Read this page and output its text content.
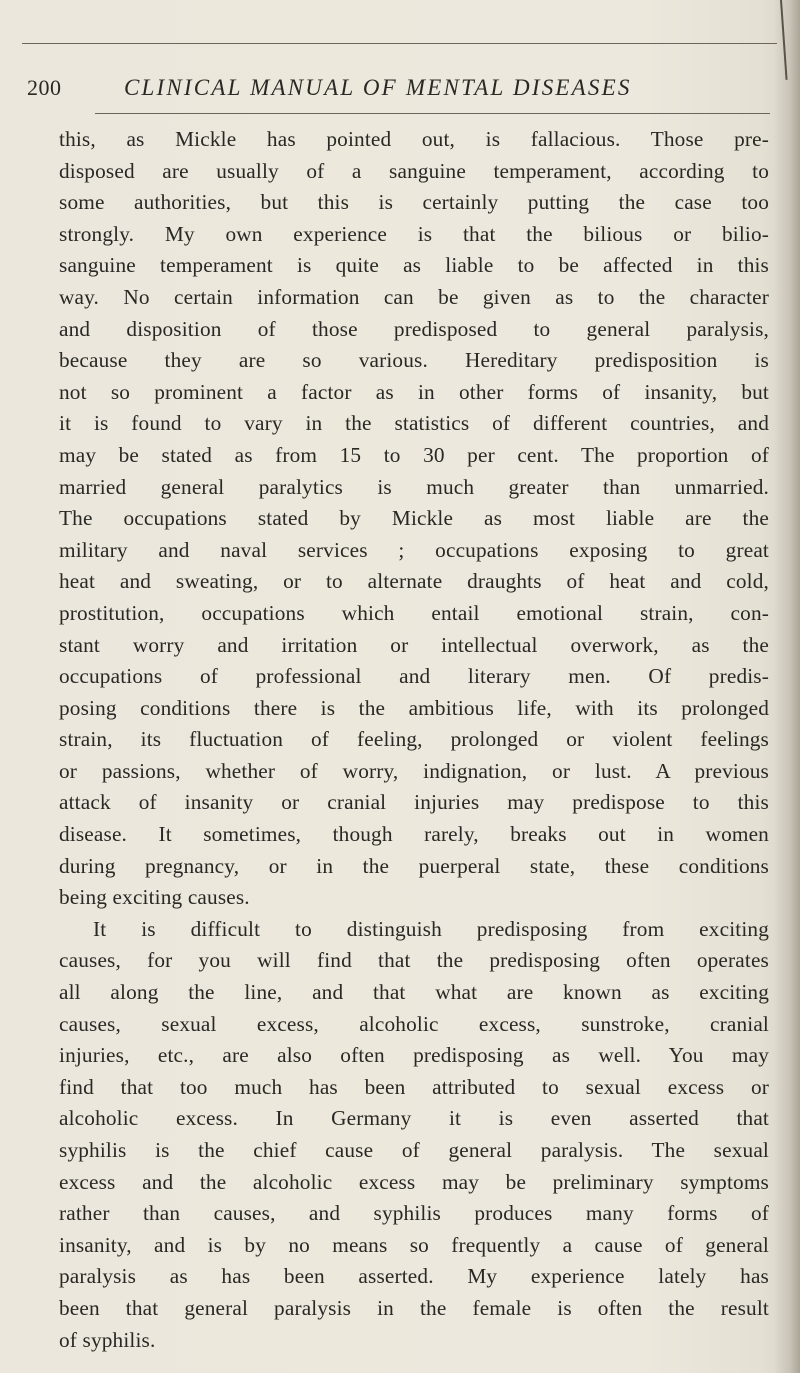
200	CLINICAL MANUAL OF MENTAL DISEASES
this, as Mickle has pointed out, is fallacious. Those pre-
disposed are usually of a sanguine temperament, according to
some authorities, but this is certainly putting the case too
strongly. My own experience is that the bilious or bilio-
sanguine temperament is quite as liable to be affected in this
way. No certain information can be given as to the character
and disposition of those predisposed to general paralysis,
because they are so various. Hereditary predisposition is
not so prominent a factor as in other forms of insanity, but
it is found to vary in the statistics of different countries, and
may be stated as from 15 to 30 per cent. The proportion of
married general paralytics is much greater than unmarried.
The occupations stated by Mickle as most liable are the
military and naval services ; occupations exposing to great
heat and sweating, or to alternate draughts of heat and cold,
prostitution, occupations which entail emotional strain, con-
stant worry and irritation or intellectual overwork, as the
occupations of professional and literary men. Of predis-
posing conditions there is the ambitious life, with its prolonged
strain, its fluctuation of feeling, prolonged or violent feelings
or passions, whether of worry, indignation, or lust. A previous
attack of insanity or cranial injuries may predispose to this
disease. It sometimes, though rarely, breaks out in women
during pregnancy, or in the puerperal state, these conditions
being exciting causes.
It is difficult to distinguish predisposing from exciting
causes, for you will find that the predisposing often operates
all along the line, and that what are known as exciting
causes, sexual excess, alcoholic excess, sunstroke, cranial
injuries, etc., are also often predisposing as well. You may
find that too much has been attributed to sexual excess or
alcoholic excess. In Germany it is even asserted that
syphilis is the chief cause of general paralysis. The sexual
excess and the alcoholic excess may be preliminary symptoms
rather than causes, and syphilis produces many forms of
insanity, and is by no means so frequently a cause of general
paralysis as has been asserted. My experience lately has
been that general paralysis in the female is often the result
of syphilis.
